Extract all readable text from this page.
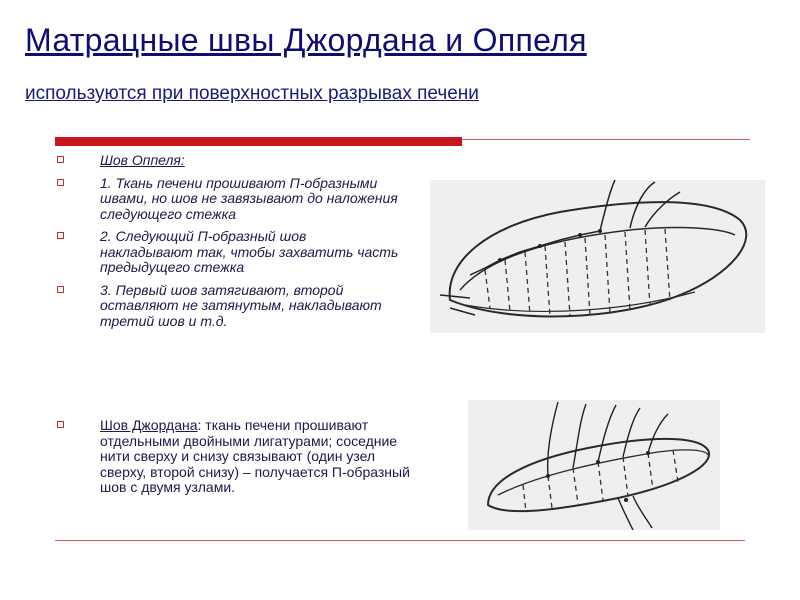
Матрацные швы Джордана и Оппеля

используются при поверхностных разрывах печени

Шов Оппеля:
1. Ткань печени прошивают П-образными швами, но шов не завязывают до наложения следующего стежка
2. Следующий П-образный шов накладывают так, чтобы захватить часть предыдущего стежка
3. Первый шов затягивают, второй оставляют не затянутым, накладывают третий шов и т.д.
Шов Джордана: ткань печени прошивают отдельными двойными лигатурами; соседние нити сверху и снизу связывают (один узел сверху, второй снизу) – получается П-образный шов с двумя узлами.
